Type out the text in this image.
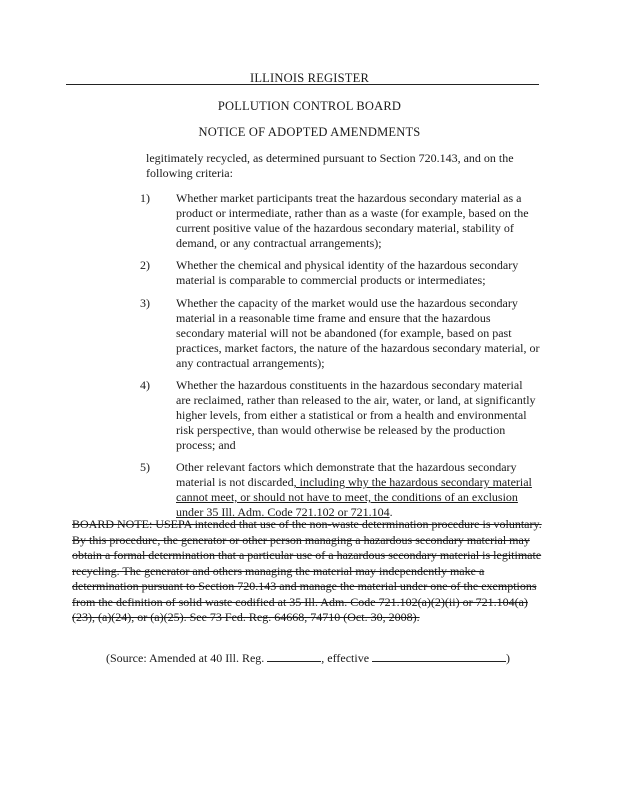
ILLINOIS REGISTER
POLLUTION CONTROL BOARD
NOTICE OF ADOPTED AMENDMENTS
legitimately recycled, as determined pursuant to Section 720.143, and on the following criteria:
1)	Whether market participants treat the hazardous secondary material as a product or intermediate, rather than as a waste (for example, based on the current positive value of the hazardous secondary material, stability of demand, or any contractual arrangements);
2)	Whether the chemical and physical identity of the hazardous secondary material is comparable to commercial products or intermediates;
3)	Whether the capacity of the market would use the hazardous secondary material in a reasonable time frame and ensure that the hazardous secondary material will not be abandoned (for example, based on past practices, market factors, the nature of the hazardous secondary material, or any contractual arrangements);
4)	Whether the hazardous constituents in the hazardous secondary material are reclaimed, rather than released to the air, water, or land, at significantly higher levels, from either a statistical or from a health and environmental risk perspective, than would otherwise be released by the production process; and
5)	Other relevant factors which demonstrate that the hazardous secondary material is not discarded, including why the hazardous secondary material cannot meet, or should not have to meet, the conditions of an exclusion under 35 Ill. Adm. Code 721.102 or 721.104.
BOARD NOTE: USEPA intended that use of the non-waste determination procedure is voluntary. By this procedure, the generator or other person managing a hazardous secondary material may obtain a formal determination that a particular use of a hazardous secondary material is legitimate recycling. The generator and others managing the material may independently make a determination pursuant to Section 720.143 and manage the material under one of the exemptions from the definition of solid waste codified at 35 Ill. Adm. Code 721.102(a)(2)(ii) or 721.104(a)(23), (a)(24), or (a)(25). See 73 Fed. Reg. 64668, 74710 (Oct. 30, 2008).
(Source: Amended at 40 Ill. Reg.	, effective	)
